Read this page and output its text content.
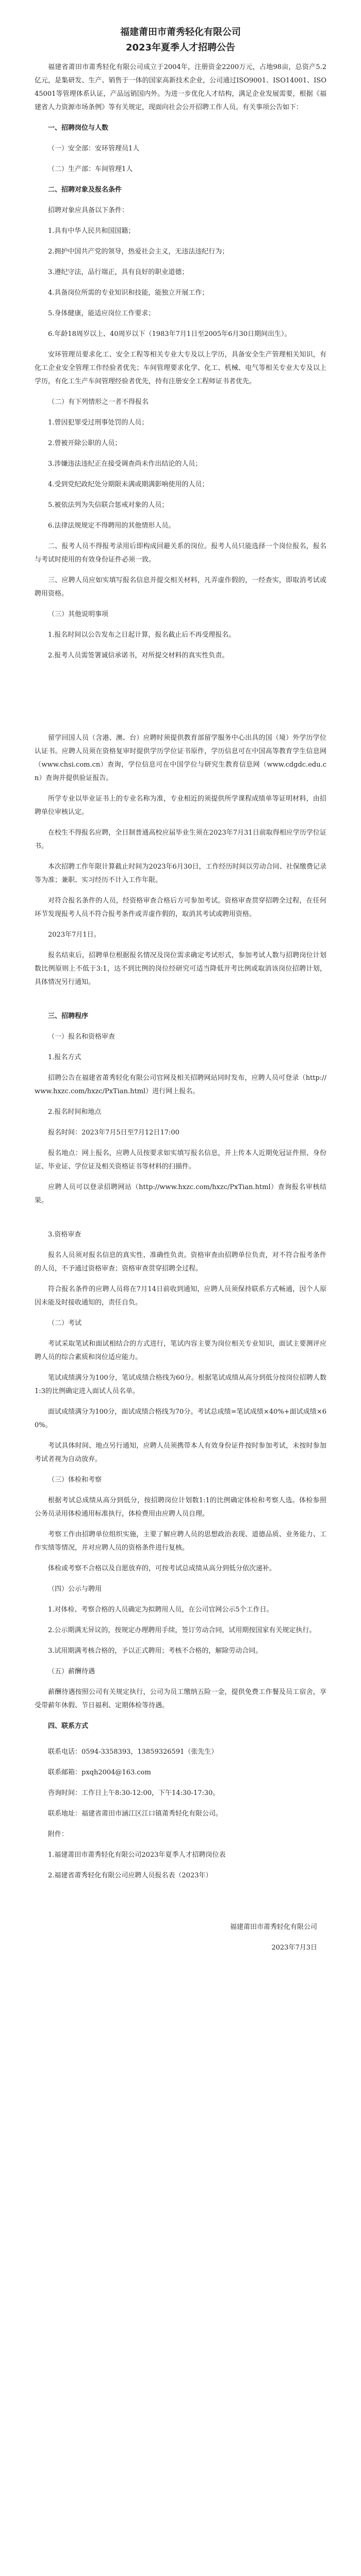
福建莆田市莆秀轻化有限公司

2023年夏季人才招聘公告

福建省莆田市莆秀轻化有限公司成立于2004年，注册资金2200万元，占地98亩，总资产5.2亿元，是集研发、生产、销售于一体的国家高新技术企业，公司通过ISO9001、ISO14001、ISO45001等管理体系认证，产品远销国内外。为进一步优化人才结构，满足企业发展需要，根据《福建省人力资源市场条例》等有关规定，现面向社会公开招聘工作人员。有关事项公告如下：

一、招聘岗位与人数

（一）安全部：安环管理员1人

（二）生产部：车间管理1人

二、招聘对象及报名条件

招聘对象应具备以下条件：

1.具有中华人民共和国国籍；

2.拥护中国共产党的领导，热爱社会主义，无违法违纪行为；

3.遵纪守法，品行端正，具有良好的职业道德；

4.具备岗位所需的专业知识和技能，能独立开展工作；

5.身体健康，能适应岗位工作要求；

6.年龄18周岁以上、40周岁以下（1983年7月1日至2005年6月30日期间出生）。

安环管理员要求化工、安全工程等相关专业大专及以上学历，具备安全生产管理相关知识，有化工企业安全管理工作经验者优先；车间管理要求化学、化工、机械、电气等相关专业大专及以上学历，有化工生产车间管理经验者优先，持有注册安全工程师证书者优先。

（二）有下列情形之一者不得报名

1.曾因犯罪受过刑事处罚的人员；

2.曾被开除公职的人员；

3.涉嫌违法违纪正在接受调查尚未作出结论的人员；

4.受到党纪政纪处分期限未满或期满影响使用的人员；

5.被依法列为失信联合惩戒对象的人员；

6.法律法规规定不得聘用的其他情形人员。

二、报考人员不得报考录用后即构成回避关系的岗位。报考人员只能选择一个岗位报名，报名与考试时使用的有效身份证件必须一致。

三、应聘人员应如实填写报名信息并提交相关材料，凡弄虚作假的，一经查实，即取消考试或聘用资格。

（三）其他说明事项

1.报名时间以公告发布之日起计算，报名截止后不再受理报名。

2.报考人员需签署诚信承诺书，对所提交材料的真实性负责。

留学回国人员（含港、澳、台）应聘时须提供教育部留学服务中心出具的国（境）外学历学位认证书。应聘人员须在资格复审时提供学历学位证书原件，学历信息可在中国高等教育学生信息网（www.chsi.com.cn）查询，学位信息可在中国学位与研究生教育信息网（www.cdgdc.edu.cn）查询并提供验证报告。

所学专业以毕业证书上的专业名称为准，专业相近的须提供所学课程成绩单等证明材料，由招聘单位审核认定。

在校生不得报名应聘，全日制普通高校应届毕业生须在2023年7月31日前取得相应学历学位证书。

本次招聘工作年限计算截止时间为2023年6月30日，工作经历时间以劳动合同、社保缴费记录等为准；兼职、实习经历不计入工作年限。

对符合报名条件的人员，经资格审查合格后方可参加考试。资格审查贯穿招聘全过程，在任何环节发现报考人员不符合报考条件或弄虚作假的，取消其考试或聘用资格。

2023年7月1日。

报名结束后，招聘单位根据报名情况及岗位需求确定考试形式，参加考试人数与招聘岗位计划数比例原则上不低于3:1，达不到比例的岗位经研究可适当降低开考比例或取消该岗位招聘计划，具体情况另行通知。

三、招聘程序

（一）报名和资格审查

1.报名方式

招聘公告在福建省莆秀轻化有限公司官网及相关招聘网站同时发布，应聘人员可登录（http://www.hxzc.com/hxzc/PxTian.html）进行网上报名。

2.报名时间和地点

报名时间：2023年7月5日至7月12日17:00

报名地点：网上报名，应聘人员按要求如实填写报名信息，并上传本人近期免冠证件照、身份证、毕业证、学位证及相关资格证书等材料的扫描件。

应聘人员可以登录招聘网站（http://www.hxzc.com/hxzc/PxTian.html）查询报名审核结果。

3.资格审查

报名人员须对报名信息的真实性、准确性负责。资格审查由招聘单位负责，对不符合报考条件的人员，不予通过资格审查；资格审查贯穿招聘全过程。

符合报名条件的应聘人员将在7月14日前收到通知，应聘人员须保持联系方式畅通，因个人原因未能及时接收通知的，责任自负。

（二）考试

考试采取笔试和面试相结合的方式进行，笔试内容主要为岗位相关专业知识，面试主要测评应聘人员的综合素质和岗位适应能力。

笔试成绩满分为100分，笔试成绩合格线为60分。根据笔试成绩从高分到低分按岗位招聘人数1:3的比例确定进入面试人员名单。

面试成绩满分为100分，面试成绩合格线为70分。考试总成绩=笔试成绩×40%+面试成绩×60%。

考试具体时间、地点另行通知，应聘人员须携带本人有效身份证件按时参加考试，未按时参加考试者视为自动放弃。

（三）体检和考察

根据考试总成绩从高分到低分，按招聘岗位计划数1:1的比例确定体检和考察人选。体检参照公务员录用体检通用标准执行，体检费用由应聘人员自理。

考察工作由招聘单位组织实施，主要了解应聘人员的思想政治表现、道德品质、业务能力、工作实绩等情况，并对应聘人员的资格条件进行复核。

体检或考察不合格以及自愿放弃的，可按考试总成绩从高分到低分依次递补。

（四）公示与聘用

1.对体检、考察合格的人员确定为拟聘用人员，在公司官网公示5个工作日。

2.公示期满无异议的，按规定办理聘用手续，签订劳动合同，试用期按国家有关规定执行。

3.试用期满考核合格的，予以正式聘用；考核不合格的，解除劳动合同。

（五）薪酬待遇

薪酬待遇按照公司有关规定执行，公司为员工缴纳五险一金，提供免费工作餐及员工宿舍，享受带薪年休假、节日福利、定期体检等待遇。

四、联系方式

联系电话：0594-3358393，13859326591（张先生）

联系邮箱：pxqh2004@163.com

咨询时间：工作日上午8:30-12:00，下午14:30-17:30。

联系地址：福建省莆田市涵江区江口镇莆秀轻化有限公司。

附件：

1.福建莆田市莆秀轻化有限公司2023年夏季人才招聘岗位表

2.福建省莆秀轻化有限公司应聘人员报名表（2023年）

福建莆田市莆秀轻化有限公司

2023年7月3日
